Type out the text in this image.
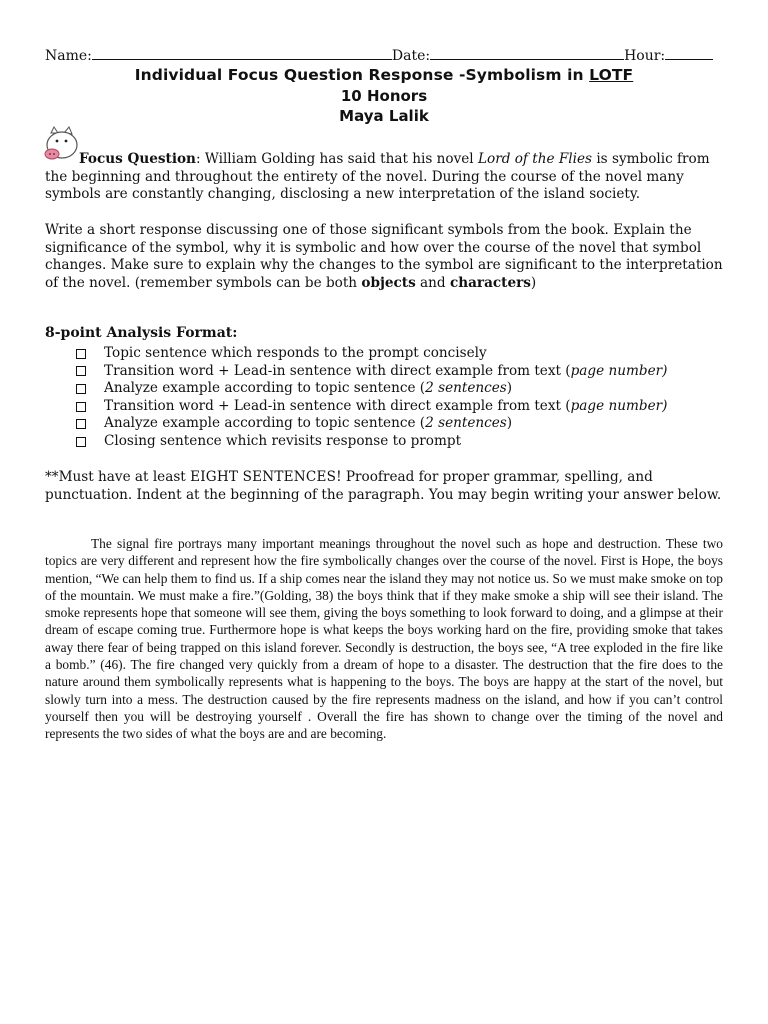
Name:	Date:	Hour:
Individual Focus Question Response -Symbolism in LOTF
10 Honors
Maya Lalik
Focus Question: William Golding has said that his novel Lord of the Flies is symbolic from the beginning and throughout the entirety of the novel. During the course of the novel many symbols are constantly changing, disclosing a new interpretation of the island society.
Write a short response discussing one of those significant symbols from the book. Explain the significance of the symbol, why it is symbolic and how over the course of the novel that symbol changes. Make sure to explain why the changes to the symbol are significant to the interpretation of the novel. (remember symbols can be both objects and characters)
8-point Analysis Format:
Topic sentence which responds to the prompt concisely
Transition word + Lead-in sentence with direct example from text ( page number)
Analyze example according to topic sentence ( 2 sentences )
Transition word + Lead-in sentence with direct example from text ( page number)
Analyze example according to topic sentence ( 2 sentences )
Closing sentence which revisits response to prompt
**Must have at least EIGHT SENTENCES! Proofread for proper grammar, spelling, and punctuation. Indent at the beginning of the paragraph. You may begin writing your answer below.
The signal fire portrays many important meanings throughout the novel such as hope and destruction. These two topics are very different and represent how the fire symbolically changes over the course of the novel. First is Hope, the boys mention, “We can help them to find us. If a ship comes near the island they may not notice us. So we must make smoke on top of the mountain. We must make a fire.”(Golding, 38) the boys think that if they make smoke a ship will see their island. The smoke represents hope that someone will see them, giving the boys something to look forward to doing, and a glimpse at their dream of escape coming true. Furthermore hope is what keeps the boys working hard on the fire, providing smoke that takes away there fear of being trapped on this island forever. Secondly is destruction, the boys see, “A tree exploded in the fire like a bomb.” (46). The fire changed very quickly from a dream of hope to a disaster. The destruction that the fire does to the nature around them symbolically represents what is happening to the boys. The boys are happy at the start of the novel, but slowly turn into a mess. The destruction caused by the fire represents madness on the island, and how if you can’t control yourself then you will be destroying yourself . Overall the fire has shown to change over the timing of the novel and represents the two sides of what the boys are and are becoming.
